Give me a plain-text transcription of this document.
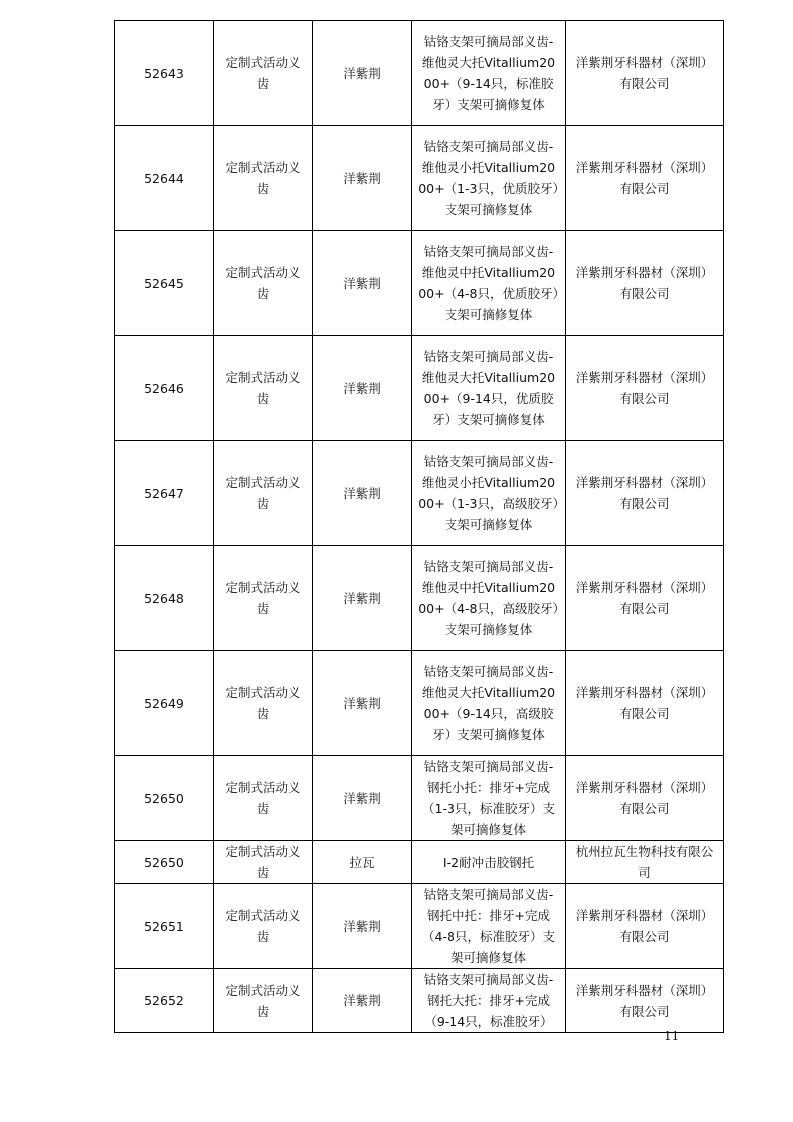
52643	定制式活动义齿	洋紫荆	钴铬支架可摘局部义齿-维他灵大托Vitallium2000+（9-14只，标准胶牙）支架可摘修复体	洋紫荆牙科器材（深圳）有限公司
52644	定制式活动义齿	洋紫荆	钴铬支架可摘局部义齿-维他灵小托Vitallium2000+（1-3只，优质胶牙）支架可摘修复体	洋紫荆牙科器材（深圳）有限公司
52645	定制式活动义齿	洋紫荆	钴铬支架可摘局部义齿-维他灵中托Vitallium2000+（4-8只，优质胶牙）支架可摘修复体	洋紫荆牙科器材（深圳）有限公司
52646	定制式活动义齿	洋紫荆	钴铬支架可摘局部义齿-维他灵大托Vitallium2000+（9-14只，优质胶牙）支架可摘修复体	洋紫荆牙科器材（深圳）有限公司
52647	定制式活动义齿	洋紫荆	钴铬支架可摘局部义齿-维他灵小托Vitallium2000+（1-3只，高级胶牙）支架可摘修复体	洋紫荆牙科器材（深圳）有限公司
52648	定制式活动义齿	洋紫荆	钴铬支架可摘局部义齿-维他灵中托Vitallium2000+（4-8只，高级胶牙）支架可摘修复体	洋紫荆牙科器材（深圳）有限公司
52649	定制式活动义齿	洋紫荆	钴铬支架可摘局部义齿-维他灵大托Vitallium2000+（9-14只，高级胶牙）支架可摘修复体	洋紫荆牙科器材（深圳）有限公司
52650	定制式活动义齿	洋紫荆	钴铬支架可摘局部义齿-钢托小托：排牙+完成（1-3只，标准胶牙）支架可摘修复体	洋紫荆牙科器材（深圳）有限公司
52650	定制式活动义齿	拉瓦	I-2耐冲击胶钢托	杭州拉瓦生物科技有限公司
52651	定制式活动义齿	洋紫荆	钴铬支架可摘局部义齿-钢托中托：排牙+完成（4-8只，标准胶牙）支架可摘修复体	洋紫荆牙科器材（深圳）有限公司
52652	定制式活动义齿	洋紫荆	钴铬支架可摘局部义齿-钢托大托：排牙+完成（9-14只，标准胶牙）	洋紫荆牙科器材（深圳）有限公司
11
